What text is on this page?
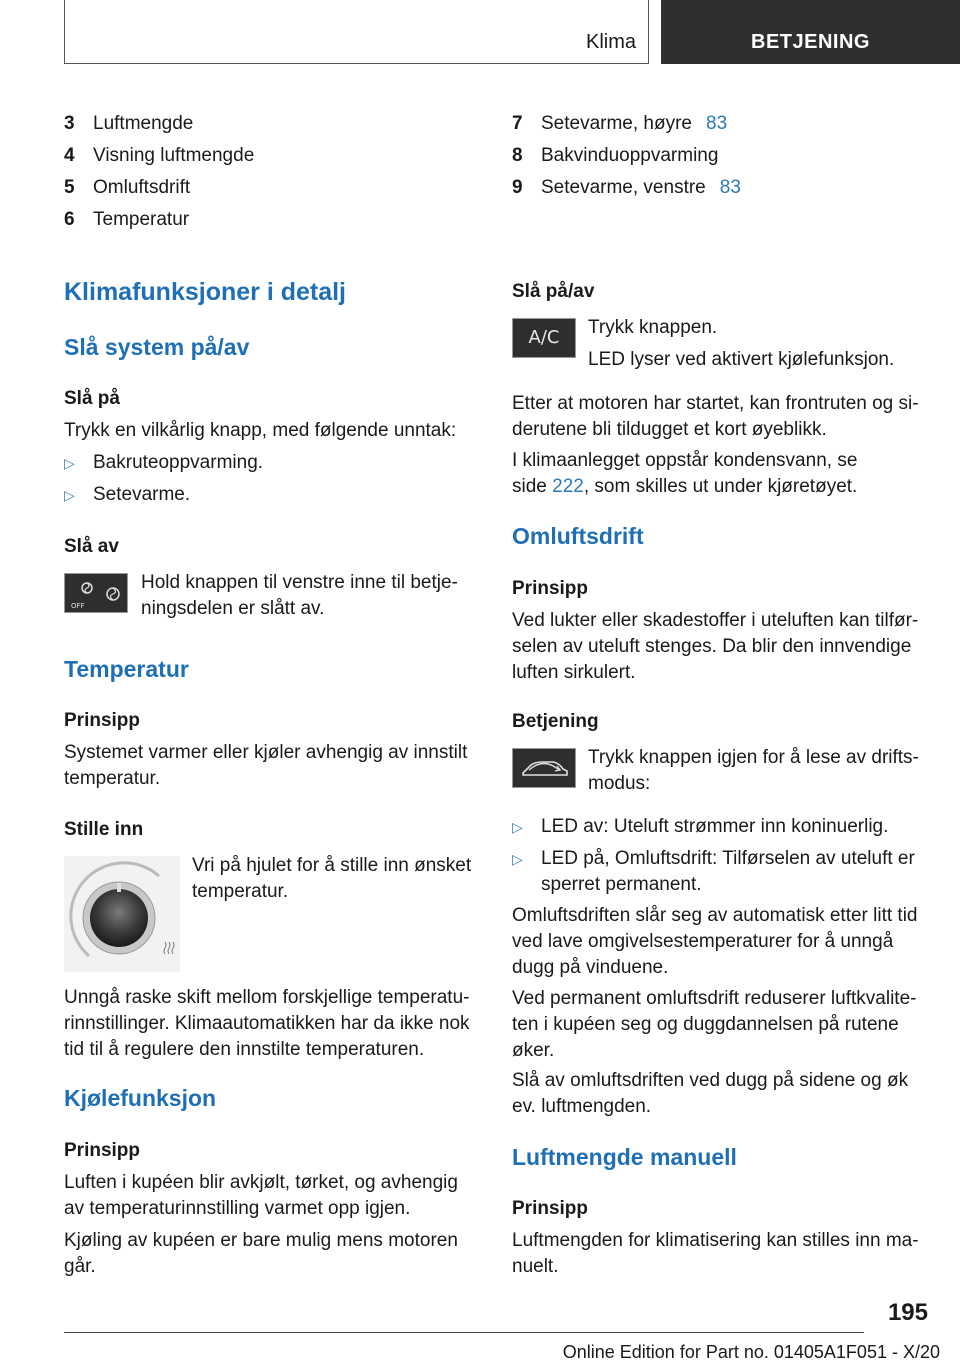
Klima	BETJENING
3 Luftmengde
4 Visning luftmengde
5 Omluftsdrift
6 Temperatur
7 Setevarme, høyre 83
8 Bakvinduoppvarming
9 Setevarme, venstre 83
Klimafunksjoner i detalj
Slå system på/av
Slå på

Trykk en vilkårlig knapp, med følgende unntak:

▷ Bakruteoppvarming.
▷ Setevarme.
Slå av
OFF

Hold knappen til venstre inne til betje-
ningsdelen er slått av.

Temperatur
Prinsipp

Systemet varmer eller kjøler avhengig av innstilt temperatur.

Stille inn

Vri på hjulet for å stille inn ønsket temperatur.

Unngå raske skift mellom forskjellige temperatu-rinnstillinger. Klimaautomatikken har da ikke nok tid til å regulere den innstilte temperaturen.

Kjølefunksjon
Prinsipp

Luften i kupéen blir avkjølt, tørket, og avhengig av temperaturinnstilling varmet opp igjen.

Kjøling av kupéen er bare mulig mens motoren går.

Slå på/av
A/C Trykk knappen.

LED lyser ved aktivert kjølefunksjon.

Etter at motoren har startet, kan frontruten og si-derutene bli tildugget et kort øyeblikk.

I klimaanlegget oppstår kondensvann, se
side 222, som skilles ut under kjøretøyet.

Omluftsdrift
Prinsipp

Ved lukter eller skadestoffer i uteluften kan tilfør-selen av uteluft stenges. Da blir den innvendige luften sirkulert.

Betjening

Trykk knappen igjen for å lese av drifts-modus:

▷ LED av: Uteluft strømmer inn koninuerlig.
▷ LED på, Omluftsdrift: Tilførselen av uteluft er sperret permanent.

Omluftsdriften slår seg av automatisk etter litt tid ved lave omgivelsestemperaturer for å unngå dugg på vinduene.

Ved permanent omluftsdrift reduserer luftkvalite-ten i kupéen seg og duggdannelsen på rutene øker.

Slå av omluftsdriften ved dugg på sidene og øk ev. luftmengden.

Luftmengde manuell
Prinsipp

Luftmengden for klimatisering kan stilles inn ma-nuelt.

195
Online Edition for Part no. 01405A1F051 - X/20
